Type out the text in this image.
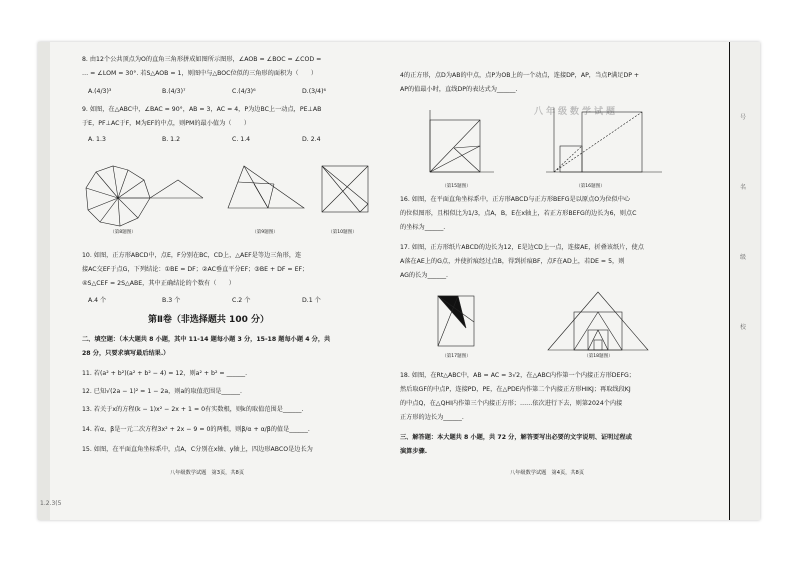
8. 由12个公共顶点为O的直角三角形拼成如图所示图形，∠AOB = ∠BOC = ∠COD =
… = ∠LOM = 30°. 若S△AOB = 1，则图中与△BOC位似的三角形的面积为（　　）
A.(4/3)³	B.(4/3)⁷	C.(4/3)⁶	D.(3/4)⁶
9. 如图，在△ABC中，∠BAC = 90°，AB = 3，AC = 4，P为边BC上一动点，PE⊥AB
于E，PF⊥AC于F，M为EF的中点，则PM的最小值为（　　）
A. 1.3	B. 1.2	C. 1.4	D. 2.4
（第8题图）	（第9题图）	（第10题图）
10. 如图，正方形ABCD中，点E，F分别在BC，CD上，△AEF是等边三角形，连
接AC交EF于点G，下列结论：①BE = DF；②AC垂直平分EF；③BE + DF = EF；
④S△CEF = 2S△ABE，其中正确结论的个数有（　　）
A.4 个	B.3 个	C.2 个	D.1 个
第Ⅱ卷（非选择题共 100 分）
二、填空题：（本大题共 8 小题，其中 11-14 题每小题 3 分，15-18 题每小题 4 分，共
28 分，只要求填写最后结果.）
11. 若(a² + b²)(a² + b² − 4) = 12，则a² + b² = ______.
12. 已知√(2a − 1)² = 1 − 2a，则a的取值范围是______.
13. 若关于x的方程(k − 1)x² − 2x + 1 = 0有实数根，则k的取值范围是______.
14. 若α、β是一元二次方程3x² + 2x − 9 = 0的两根，则β/α + α/β的值是______.
15. 如图，在平面直角坐标系中，点A，C分别在x轴、y轴上，四边形ABCO是边长为
八年级数学试题　第3页，共8页
4的正方形，点D为AB的中点，点P为OB上的一个动点，连接DP，AP，当点P满足DP +
AP的值最小时，直线DP的表达式为______.
八年级数学试题
（第15题图）	（第16题图）
16. 如图，在平面直角坐标系中，正方形ABCD与正方形BEFG是以原点O为位似中心
的位似图形，且相似比为1/3，点A，B，E在x轴上，若正方形BEFG的边长为6，则点C
的坐标为______.
17. 如图，正方形纸片ABCD的边长为12，E是边CD上一点，连接AE，折叠该纸片，使点
A落在AE上的G点，并使折痕经过点B，得到折痕BF，点F在AD上，若DE = 5，则
AG的长为______.
（第17题图）	（第18题图）
18. 如图，在Rt△ABC中，AB = AC = 3√2，在△ABC内作第一个内接正方形DEFG；
然后取GF的中点P，连接PD，PE，在△PDE内作第二个内接正方形HIKJ；再取线段KJ
的中点Q，在△QHI内作第三个内接正方形；……依次进行下去，则第2024个内接
正方形的边长为______.
三、解答题：本大题共 8 小题，共 72 分，解答要写出必要的文字说明、证明过程或
演算步骤.
八年级数学试题　第4页，共8页
号
名
级
校
1.2.3(5
